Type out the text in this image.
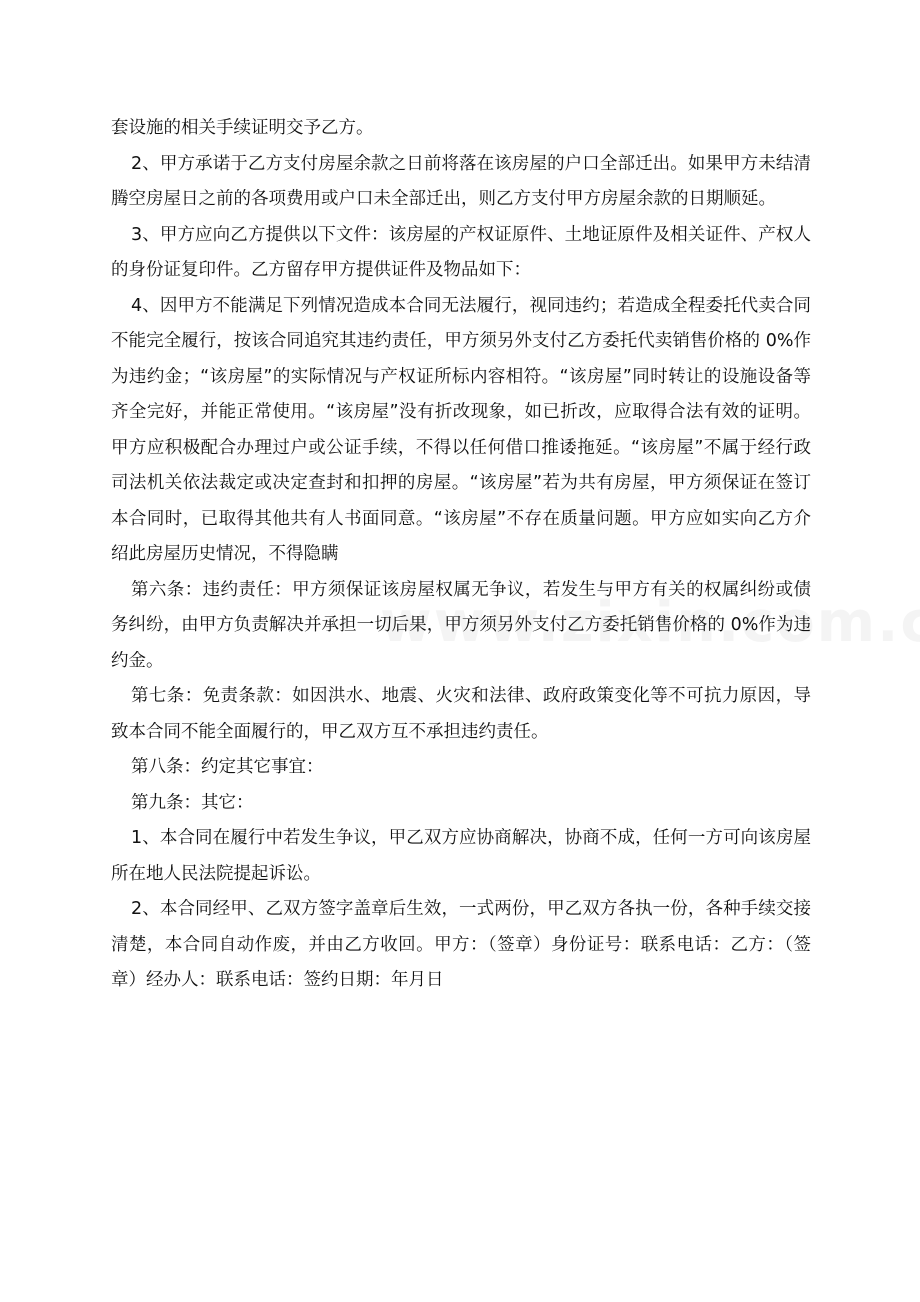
套设施的相关手续证明交予乙方。

2、甲方承诺于乙方支付房屋余款之日前将落在该房屋的户口全部迁出。如果甲方未结清腾空房屋日之前的各项费用或户口未全部迁出，则乙方支付甲方房屋余款的日期顺延。

3、甲方应向乙方提供以下文件：该房屋的产权证原件、土地证原件及相关证件、产权人的身份证复印件。乙方留存甲方提供证件及物品如下：

4、因甲方不能满足下列情况造成本合同无法履行，视同违约；若造成全程委托代卖合同不能完全履行，按该合同追究其违约责任，甲方须另外支付乙方委托代卖销售价格的 0%作为违约金；“该房屋”的实际情况与产权证所标内容相符。“该房屋”同时转让的设施设备等齐全完好，并能正常使用。“该房屋”没有折改现象，如已折改，应取得合法有效的证明。甲方应积极配合办理过户或公证手续，不得以任何借口推诿拖延。“该房屋”不属于经行政司法机关依法裁定或决定查封和扣押的房屋。“该房屋”若为共有房屋，甲方须保证在签订本合同时，已取得其他共有人书面同意。“该房屋”不存在质量问题。甲方应如实向乙方介绍此房屋历史情况，不得隐瞒

第六条：违约责任：甲方须保证该房屋权属无争议，若发生与甲方有关的权属纠纷或债务纠纷，由甲方负责解决并承担一切后果，甲方须另外支付乙方委托销售价格的 0%作为违约金。

第七条：免责条款：如因洪水、地震、火灾和法律、政府政策变化等不可抗力原因，导致本合同不能全面履行的，甲乙双方互不承担违约责任。

第八条：约定其它事宜：

第九条：其它：

1、本合同在履行中若发生争议，甲乙双方应协商解决，协商不成，任何一方可向该房屋所在地人民法院提起诉讼。

2、本合同经甲、乙双方签字盖章后生效，一式两份，甲乙双方各执一份，各种手续交接清楚，本合同自动作废，并由乙方收回。甲方：（签章）身份证号：联系电话：乙方：（签章）经办人：联系电话：签约日期：年月日
